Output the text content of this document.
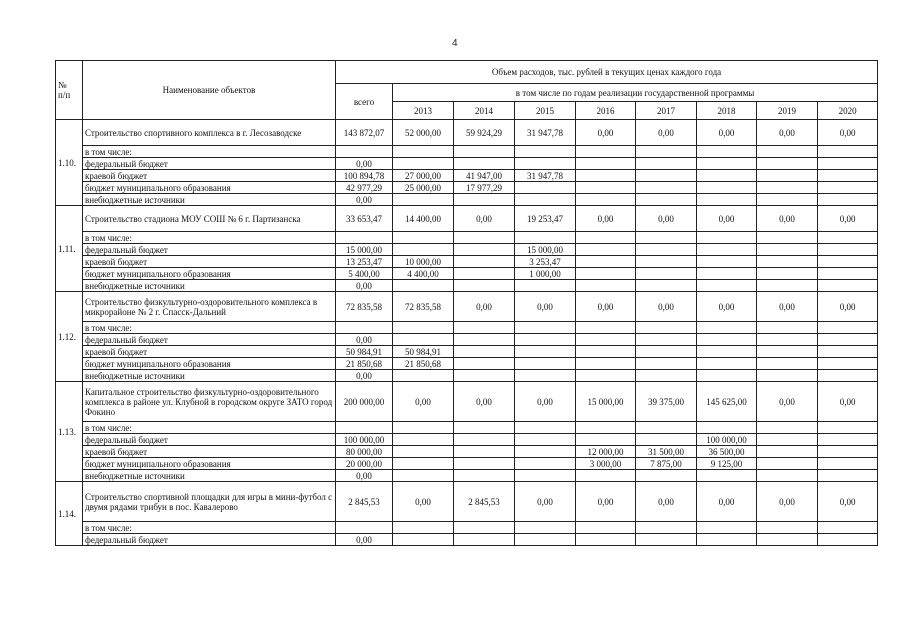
4
№
п/п	Наименование объектов	Объем расходов, тыс. рублей в текущих ценах каждого года								
		всего	в том числе по годам реализации государственной программы							
			2013	2014	2015	2016	2017	2018	2019	2020
1.10.	Строительство спортивного комплекса в г. Лесозаводске	143 872,07	52 000,00	59 924,29	31 947,78	0,00	0,00	0,00	0,00	0,00
	в том числе:									
	федеральный бюджет	0,00								
	краевой бюджет	100 894,78	27 000,00	41 947,00	31 947,78					
	бюджет муниципального образования	42 977,29	25 000,00	17 977,29						
	внебюджетные источники	0,00								
1.11.	Строительство стадиона МОУ СОШ № 6 г. Партизанска	33 653,47	14 400,00	0,00	19 253,47	0,00	0,00	0,00	0,00	0,00
	в том числе:									
	федеральный бюджет	15 000,00			15 000,00					
	краевой бюджет	13 253,47	10 000,00		3 253,47					
	бюджет муниципального образования	5 400,00	4 400,00		1 000,00					
	внебюджетные источники	0,00								
1.12.	Строительство физкультурно-оздоровительного комплекса в микрорайоне № 2 г. Спасск-Дальний	72 835,58	72 835,58	0,00	0,00	0,00	0,00	0,00	0,00	0,00
	в том числе:									
	федеральный бюджет	0,00								
	краевой бюджет	50 984,91	50 984,91							
	бюджет муниципального образования	21 850,68	21 850,68							
	внебюджетные источники	0,00								
1.13.	Капитальное строительство физкультурно-оздоровительного комплекса в районе ул. Клубной в городском округе ЗАТО город Фокино	200 000,00	0,00	0,00	0,00	15 000,00	39 375,00	145 625,00	0,00	0,00
	в том числе:									
	федеральный бюджет	100 000,00						100 000,00		
	краевой бюджет	80 000,00				12 000,00	31 500,00	36 500,00		
	бюджет муниципального образования	20 000,00				3 000,00	7 875,00	9 125,00		
	внебюджетные источники	0,00								
1.14.	Строительство спортивной площадки для игры в мини-футбол с двумя рядами трибун в пос. Кавалерово	2 845,53	0,00	2 845,53	0,00	0,00	0,00	0,00	0,00	0,00
	в том числе:									
	федеральный бюджет	0,00								
